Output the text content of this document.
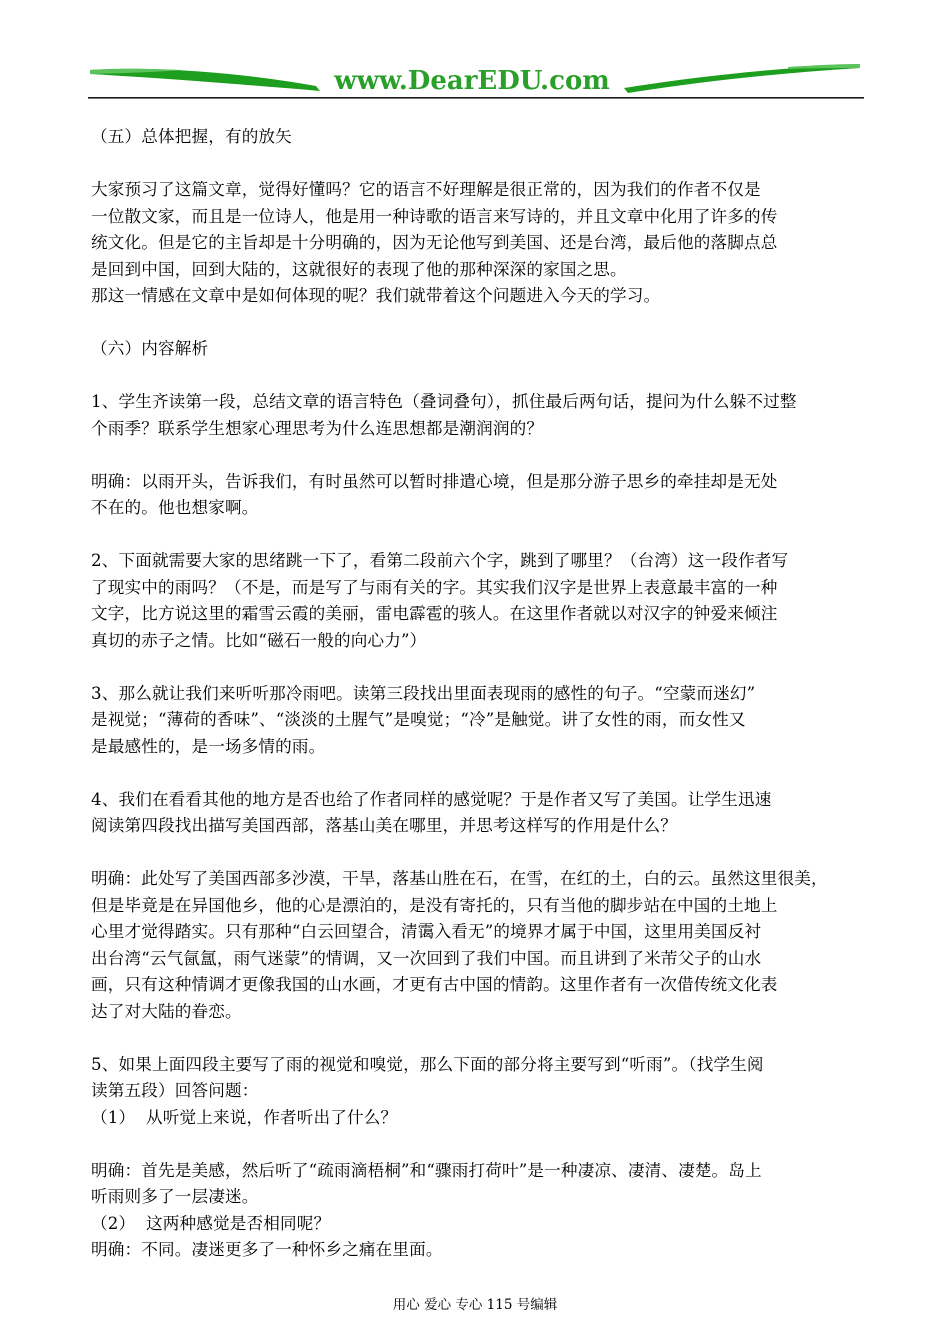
www.DearEDU.com

（五）总体把握，有的放矢

大家预习了这篇文章，觉得好懂吗？它的语言不好理解是很正常的，因为我们的作者不仅是

一位散文家，而且是一位诗人，他是用一种诗歌的语言来写诗的，并且文章中化用了许多的传

统文化。但是它的主旨却是十分明确的，因为无论他写到美国、还是台湾，最后他的落脚点总

是回到中国，回到大陆的，这就很好的表现了他的那种深深的家国之思。

那这一情感在文章中是如何体现的呢？我们就带着这个问题进入今天的学习。

（六）内容解析

1、学生齐读第一段，总结文章的语言特色（叠词叠句），抓住最后两句话，提问为什么躲不过整

个雨季？联系学生想家心理思考为什么连思想都是潮润润的？

明确：以雨开头，告诉我们，有时虽然可以暂时排遣心境，但是那分游子思乡的牵挂却是无处

不在的。他也想家啊。

2、下面就需要大家的思绪跳一下了，看第二段前六个字，跳到了哪里？（台湾）这一段作者写

了现实中的雨吗？（不是，而是写了与雨有关的字。其实我们汉字是世界上表意最丰富的一种

文字，比方说这里的霜雪云霞的美丽，雷电霹雹的骇人。在这里作者就以对汉字的钟爱来倾注

真切的赤子之情。比如“磁石一般的向心力”）

3、那么就让我们来听听那冷雨吧。读第三段找出里面表现雨的感性的句子。“空蒙而迷幻”

是视觉；“薄荷的香味”、“淡淡的土腥气”是嗅觉；“冷”是触觉。讲了女性的雨，而女性又

是最感性的，是一场多情的雨。

4、我们在看看其他的地方是否也给了作者同样的感觉呢？于是作者又写了美国。让学生迅速

阅读第四段找出描写美国西部，落基山美在哪里，并思考这样写的作用是什么？

明确：此处写了美国西部多沙漠，干旱，落基山胜在石，在雪，在红的土，白的云。虽然这里很美，

但是毕竟是在异国他乡，他的心是漂泊的，是没有寄托的，只有当他的脚步站在中国的土地上

心里才觉得踏实。只有那种“白云回望合，清霭入看无”的境界才属于中国，这里用美国反衬

出台湾“云气氤氲，雨气迷蒙”的情调，又一次回到了我们中国。而且讲到了米芾父子的山水

画，只有这种情调才更像我国的山水画，才更有古中国的情韵。这里作者有一次借传统文化表

达了对大陆的眷恋。

5、如果上面四段主要写了雨的视觉和嗅觉，那么下面的部分将主要写到“听雨”。（找学生阅

读第五段）回答问题：

（1）  从听觉上来说，作者听出了什么？

明确：首先是美感，然后听了“疏雨滴梧桐”和“骤雨打荷叶”是一种凄凉、凄清、凄楚。岛上

听雨则多了一层凄迷。

（2）  这两种感觉是否相同呢？

明确：不同。凄迷更多了一种怀乡之痛在里面。

用心 爱心 专心 115 号编辑
